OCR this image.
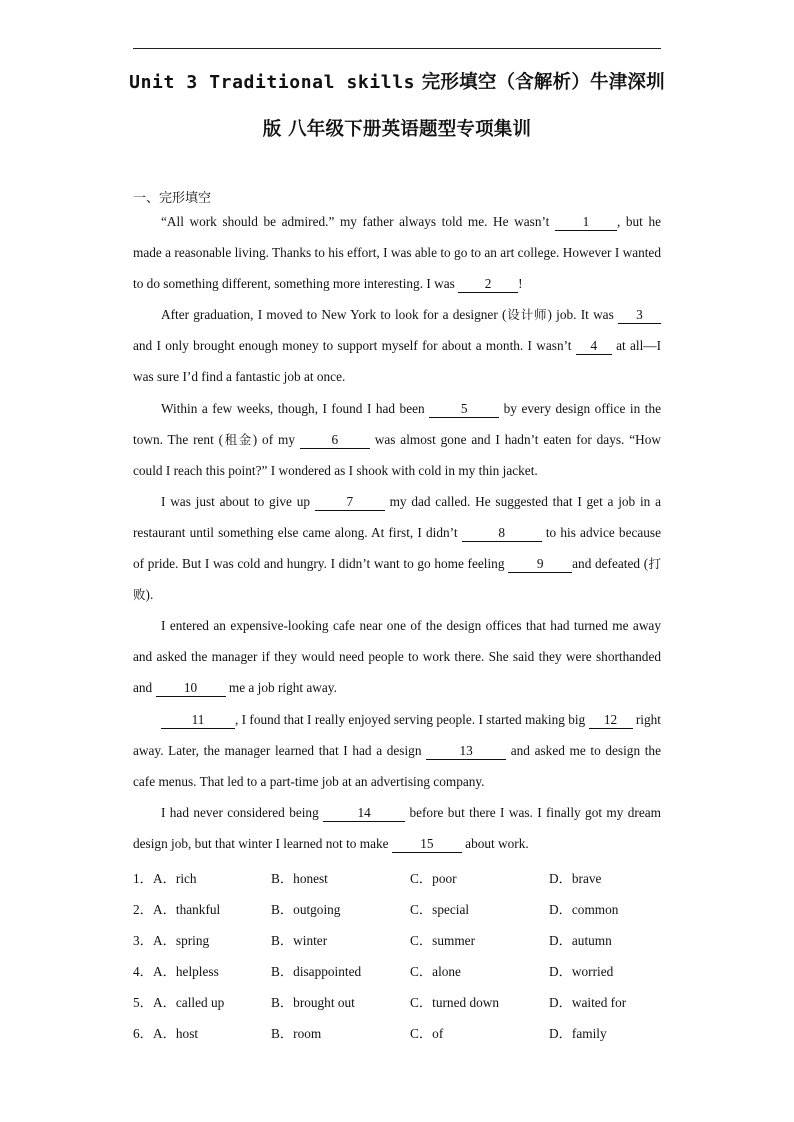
Unit 3 Traditional skills 完形填空（含解析）牛津深圳
版 八年级下册英语题型专项集训
一、完形填空

“All work should be admired.” my father always told me. He wasn’t 1 , but he made a reasonable living. Thanks to his effort, I was able to go to an art college. However I wanted to do something different, something more interesting. I was 2 !

After graduation, I moved to New York to look for a designer (设计师) job. It was 3 and I only brought enough money to support myself for about a month. I wasn’t 4 at all—I was sure I’d find a fantastic job at once.

Within a few weeks, though, I found I had been 5 by every design office in the town. The rent (租金) of my 6 was almost gone and I hadn’t eaten for days. “How could I reach this point?” I wondered as I shook with cold in my thin jacket.

I was just about to give up 7 my dad called. He suggested that I get a job in a restaurant until something else came along. At first, I didn’t	8	to his advice because of pride. But I was cold and hungry. I didn’t want to go home feeling 9 and defeated (打败).

I entered an expensive-looking cafe near one of the design offices that had turned me away and asked the manager if they would need people to work there. She said they were shorthanded and 10 me a job right away.

11 , I found that I really enjoyed serving people. I started making big 12 right away. Later, the manager learned that I had a design	13	and asked me to design the cafe menus. That led to a part-time job at an advertising company.

I had never considered being	14	before but there I was. I finally got my dream design job, but that winter I learned not to make 15 about work.

1． A．rich	B．honest	C．poor	D．brave
2． A．thankful	B．outgoing	C．special	D．common
3． A．spring	B．winter	C．summer	D．autumn
4． A．helpless	B．disappointed	C．alone	D．worried
5． A．called up	B．brought out	C．turned down	D．waited for
6． A．host	B．room	C．of	D．family
